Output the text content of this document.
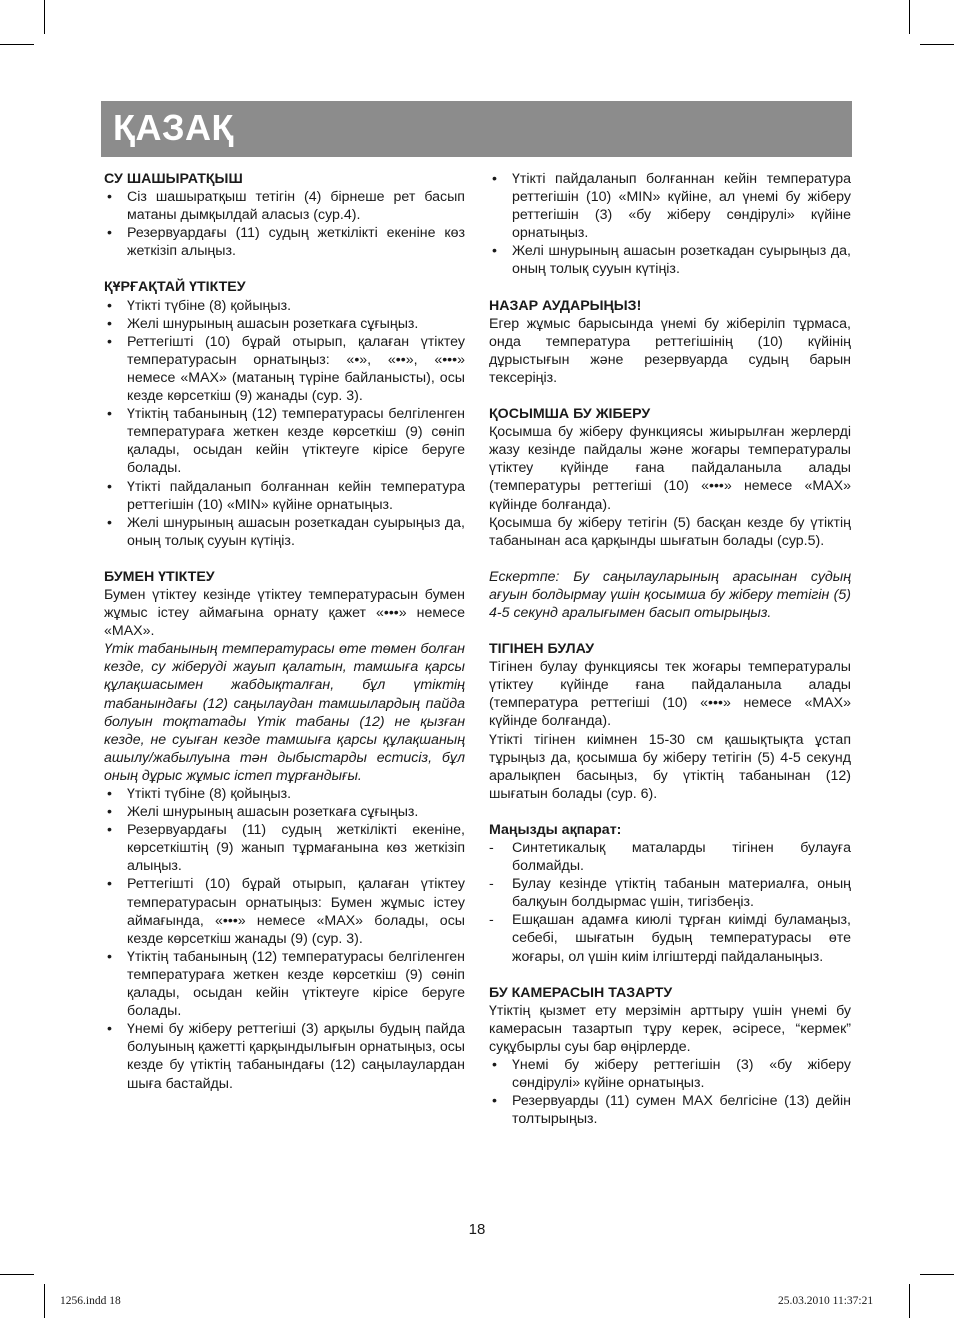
ҚАЗАҚ

СУ ШАШЫРАТҚЫШ

• Сіз шашыратқыш тетігін (4) бірнеше рет басып матаны дымқылдай аласыз (сур.4).
• Резервуардағы (11) судың жеткілікті екеніне көз жеткізіп алыңыз.

ҚҰРҒАҚТАЙ ҮТІКТЕУ

• Үтікті түбіне (8) қойыңыз.
• Желі шнурының ашасын розеткаға сұғыңыз.
• Реттегішті (10) бұрай отырып, қалаған үтіктеу температурасын орнатыңыз: «•», «••», «•••» немесе «MAX» (матаның түріне байланысты), осы кезде көрсеткіш (9) жанады (сур. 3).
• Үтіктің табанының (12) температурасы белгіленген температураға жеткен кезде көрсеткіш (9) сөніп қалады, осыдан кейін үтіктеуге кірісе беруге болады.
• Үтікті пайдаланып болғаннан кейін температура реттегішін (10) «MIN» күйіне орнатыңыз.
• Желі шнурының ашасын розеткадан суырыңыз да, оның толық сууын күтіңіз.

БУМЕН ҮТІКТЕУ

Бумен үтіктеу кезінде үтіктеу температурасын бумен жұмыс істеу аймағына орнату қажет «•••» немесе «MAX».

Үтік табанының температурасы өте төмен болған кезде, су жіберуді жауып қалатын, тамшыға қарсы құлақшасымен жабдықталған, бұл үтіктің табанындағы (12) саңылаудан тамшылардың пайда болуын тоқтатады Үтік табаны (12) не қызған кезде, не суыған кезде тамшыға қарсы құлақшаның ашылу/жабылуына тән дыбыстарды естисіз, бұл оның дұрыс жұмыс істеп тұрғандығы.

• Үтікті түбіне (8) қойыңыз.
• Желі шнурының ашасын розеткаға сұғыңыз.
• Резервуардағы (11) судың жеткілікті екеніне, көрсеткіштің (9) жанып тұрмағанына көз жеткізіп алыңыз.
• Реттегішті (10) бұрай отырып, қалаған үтіктеу температурасын орнатыңыз: Бумен жұмыс істеу аймағында, «•••» немесе «MAX» болады, осы кезде көрсеткіш жанады (9) (сур. 3).
• Үтіктің табанының (12) температурасы белгіленген температураға жеткен кезде көрсеткіш (9) сөніп қалады, осыдан кейін үтіктеуге кірісе беруге болады.
• Үнемі бу жіберу реттегіші (3) арқылы будың пайда болуының қажетті қарқындылығын орнатыңыз, осы кезде бу үтіктің табанындағы (12) саңылаулардан шыға бастайды.
• Үтікті пайдаланып болғаннан кейін температура реттегішін (10) «MIN» күйіне, ал үнемі бу жіберу реттегішін (3) «бу жіберу сөндірулі» күйіне орнатыңыз.
• Желі шнурының ашасын розеткадан суырыңыз да, оның толық сууын күтіңіз.

НАЗАР АУДАРЫҢЫЗ!

Егер жұмыс барысында үнемі бу жіберіліп тұрмаса, онда температура реттегішінің (10) күйінің дұрыстығын және резервуарда судың барын тексеріңіз.

ҚОСЫМША БУ ЖІБЕРУ

Қосымша бу жіберу функциясы жиырылған жерлерді жазу кезінде пайдалы және жоғары температуралы үтіктеу күйінде ғана пайдаланыла алады (температуры реттегіші (10) «•••» немесе «MAX» күйінде болғанда).

Қосымша бу жіберу тетігін (5) басқан кезде бу үтіктің табанынан аса қарқынды шығатын болады (сур.5).

Ескертпе: Бу саңылауларының арасынан судың ағуын болдырмау үшін қосымша бу жіберу тетігін (5) 4-5 секунд аралығымен басып отырыңыз.

ТІГІНЕН БУЛАУ

Тігінен булау функциясы тек жоғары температуралы үтіктеу күйінде ғана пайдаланыла алады (температура реттегіші (10) «•••» немесе «MAX» күйінде болғанда).

Үтікті тігінен киімнен 15-30 см қашықтықта ұстап тұрыңыз да, қосымша бу жіберу тетігін (5) 4-5 секунд аралықпен басыңыз, бу үтіктің табанынан (12) шығатын болады (сур. 6).

Маңызды ақпарат:

- Синтетикалық маталарды тігінен булауға болмайды.
- Булау кезінде үтіктің табанын материалға, оның балқуын болдырмас үшін, тигізбеңіз.
- Ешқашан адамға киюлі тұрған киімді буламаңыз, себебі, шығатын будың температурасы өте жоғары, ол үшін киім ілгіштерді пайдаланыңыз.

БУ КАМЕРАСЫН ТАЗАРТУ

Үтіктің қызмет ету мерзімін арттыру үшін үнемі бу камерасын тазартып тұру керек, әсіресе, “кермек” суқұбырлы суы бар өңірлерде.

• Үнемі бу жіберу реттегішін (3) «бу жіберу сөндірулі» күйіне орнатыңыз.
• Резервуарды (11) сумен MAX белгісіне (13) дейін толтырыңыз.
18
1256.indd 18	25.03.2010 11:37:21
